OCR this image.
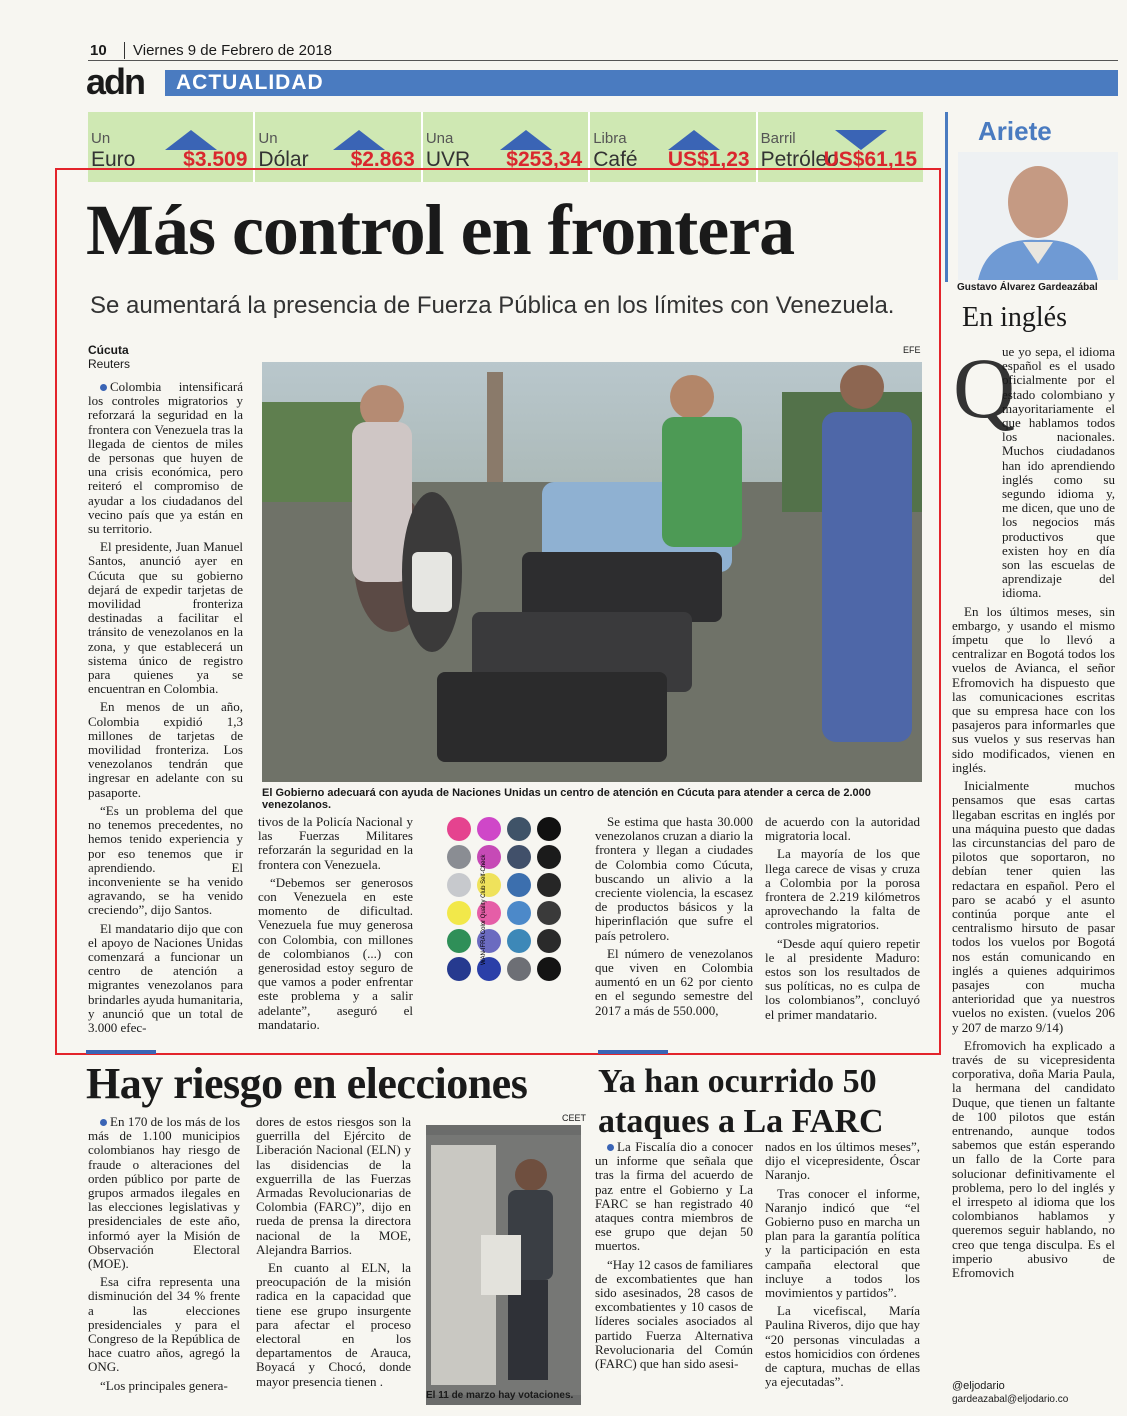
10	Viernes 9 de Febrero de 2018
adn ACTUALIDAD
Un
Euro $3.509
Un
Dólar $2.863
Una
UVR $253,34
Libra
Café US$1,23
Barril
Petróleo
US$61,15
Más control en frontera
Se aumentará la presencia de Fuerza Pública en los límites con Venezuela.
Cúcuta
Reuters
EFE

Colombia intensificará los controles migratorios y reforzará la seguridad en la frontera con Venezuela tras la llegada de cientos de miles de personas que huyen de una crisis económica, pero reiteró el compromiso de ayudar a los ciudadanos del vecino país que ya están en su territorio.

El presidente, Juan Manuel Santos, anunció ayer en Cúcuta que su gobierno dejará de expedir tarjetas de movilidad fronteriza destinadas a facilitar el tránsito de venezolanos en la zona, y que establecerá un sistema único de registro para quienes ya se encuentran en Colombia.

En menos de un año, Colombia expidió 1,3 millones de tarjetas de movilidad fronteriza. Los venezolanos tendrán que ingresar en adelante con su pasaporte.

“Es un problema del que no tenemos precedentes, no hemos tenido experiencia y por eso tenemos que ir aprendiendo. El inconveniente se ha venido agravando, se ha venido creciendo”, dijo Santos.

El mandatario dijo que con el apoyo de Naciones Unidas comenzará a funcionar un centro de atención a migrantes venezolanos para brindarles ayuda humanitaria, y anunció que un total de 3.000 efec-

El Gobierno adecuará con ayuda de Naciones Unidas un centro de atención en Cúcuta para atender a cerca de 2.000 venezolanos.

tivos de la Policía Nacional y las Fuerzas Militares reforzarán la seguridad en la frontera con Venezuela.

“Debemos ser generosos con Venezuela en este momento de dificultad. Venezuela fue muy generosa con Colombia, con millones de colombianos (...) con generosidad estoy seguro de que vamos a poder enfrentar este problema y a salir adelante”, aseguró el mandatario.

WAN-IFRA Color Quality Club Self-Check

Se estima que hasta 30.000 venezolanos cruzan a diario la frontera y llegan a ciudades de Colombia como Cúcuta, buscando un alivio a la creciente violencia, la escasez de productos básicos y la hiperinflación que sufre el país petrolero.

El número de venezolanos que viven en Colombia aumentó en un 62 por ciento en el segundo semestre del 2017 a más de 550.000,

de acuerdo con la autoridad migratoria local.

La mayoría de los que llega carece de visas y cruza a Colombia por la porosa frontera de 2.219 kilómetros aprovechando la falta de controles migratorios.

“Desde aquí quiero repetir le al presidente Maduro: estos son los resultados de sus políticas, no es culpa de los colombianos”, concluyó el primer mandatario.

Hay riesgo en elecciones

En 170 de los más de los más de 1.100 municipios colombianos hay riesgo de fraude o alteraciones del orden público por parte de grupos armados ilegales en las elecciones legislativas y presidenciales de este año, informó ayer la Misión de Observación Electoral (MOE).

Esa cifra representa una disminución del 34 % frente a las elecciones presidenciales y para el Congreso de la República de hace cuatro años, agregó la ONG.

“Los principales genera-

dores de estos riesgos son la guerrilla del Ejército de Liberación Nacional (ELN) y las disidencias de la exguerrilla de las Fuerzas Armadas Revolucionarias de Colombia (FARC)”, dijo en rueda de prensa la directora nacional de la MOE, Alejandra Barrios.

En cuanto al ELN, la preocupación de la misión radica en la capacidad que tiene ese grupo insurgente para afectar el proceso electoral en los departamentos de Arauca, Boyacá y Chocó, donde mayor presencia tienen .

CEET
El 11 de marzo hay votaciones.
Ya han ocurrido 50 ataques a La FARC

La Fiscalía dio a conocer un informe que señala que tras la firma del acuerdo de paz entre el Gobierno y La FARC se han registrado 40 ataques contra miembros de ese grupo que dejan 50 muertos.

“Hay 12 casos de familiares de excombatientes que han sido asesinados, 28 casos de excombatientes y 10 casos de líderes sociales asociados al partido Fuerza Alternativa Revolucionaria del Común (FARC) que han sido asesi-

nados en los últimos meses”, dijo el vicepresidente, Óscar Naranjo.

Tras conocer el informe, Naranjo indicó que “el Gobierno puso en marcha un plan para la garantía política y la participación en esta campaña electoral que incluye a todos los movimientos y partidos”.

La vicefiscal, María Paulina Riveros, dijo que hay “20 personas vinculadas a estos homicidios con órdenes de captura, muchas de ellas ya ejecutadas”.

Ariete
Gustavo Álvarez Gardeazábal
En inglés
Q

ue yo sepa, el idioma español es el usado oficialmente por el estado colombiano y mayoritariamente el que hablamos todos los nacionales. Muchos ciudadanos han ido aprendiendo inglés como su segundo idioma y, me dicen, que uno de los negocios más productivos que existen hoy en día son las escuelas de aprendizaje del idioma.

En los últimos meses, sin embargo, y usando el mismo ímpetu que lo llevó a centralizar en Bogotá todos los vuelos de Avianca, el señor Efromovich ha dispuesto que las comunicaciones escritas que su empresa hace con los pasajeros para informarles que sus vuelos y sus reservas han sido modificados, vienen en inglés.

Inicialmente muchos pensamos que esas cartas llegaban escritas en inglés por una máquina puesto que dadas las circunstancias del paro de pilotos que soportaron, no debían tener quien las redactara en español. Pero el paro se acabó y el asunto continúa porque ante el centralismo hirsuto de pasar todos los vuelos por Bogotá nos están comunicando en inglés a quienes adquirimos pasajes con mucha anterioridad que ya nuestros vuelos no existen. (vuelos 206 y 207 de marzo 9/14)

Efromovich ha explicado a través de su vicepresidenta corporativa, doña Maria Paula, la hermana del candidato Duque, que tienen un faltante de 100 pilotos que están entrenando, aunque todos sabemos que están esperando un fallo de la Corte para solucionar definitivamente el problema, pero lo del inglés y el irrespeto al idioma que los colombianos hablamos y queremos seguir hablando, no creo que tenga disculpa. Es el imperio abusivo de Efromovich

@eljodario
gardeazabal@eljodario.co
